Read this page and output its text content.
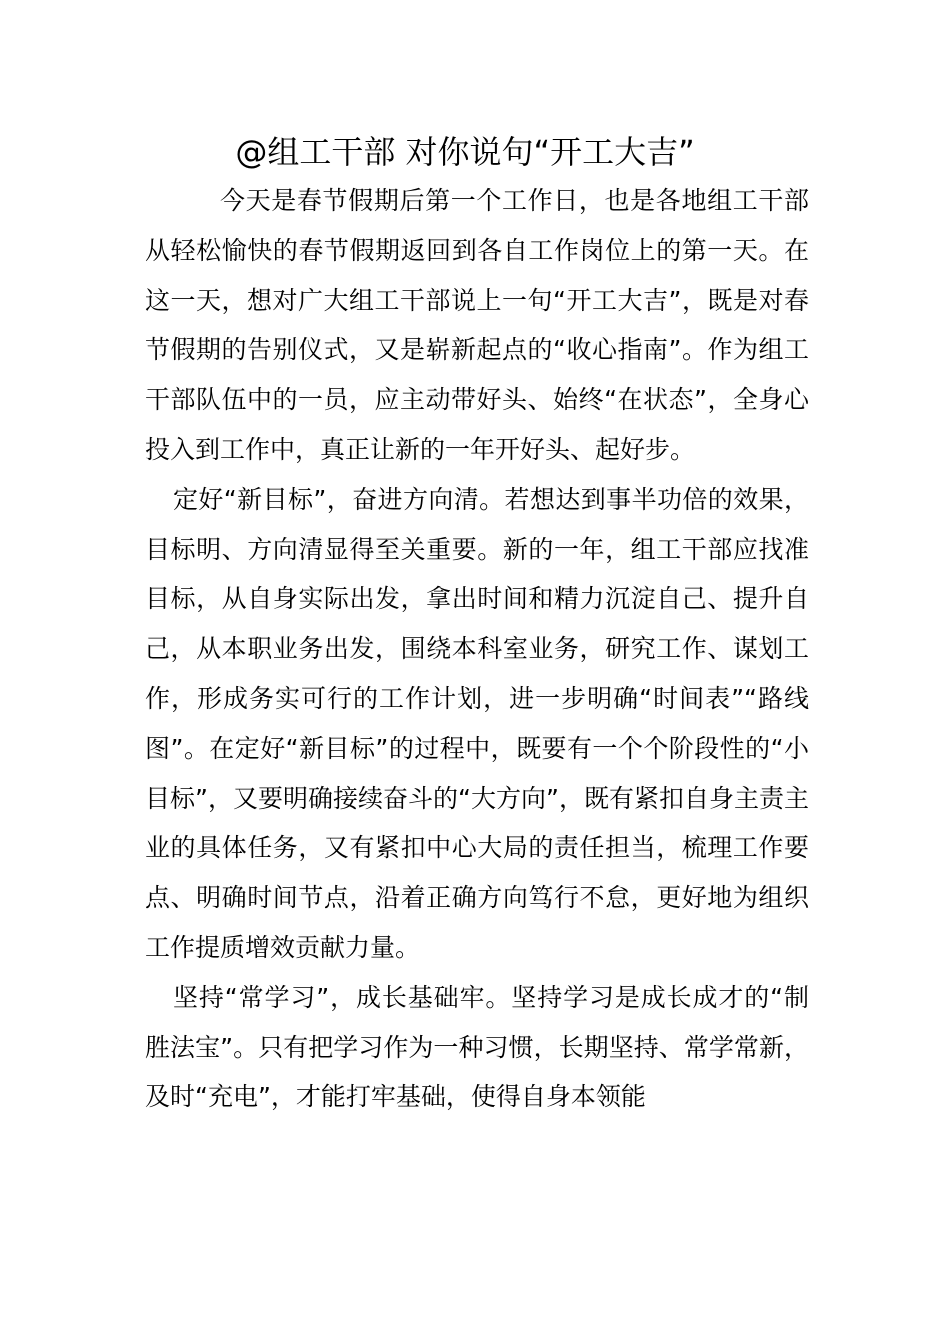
@组工干部 对你说句“开工大吉”

今天是春节假期后第一个工作日，也是各地组工干部从轻松愉快的春节假期返回到各自工作岗位上的第一天。在这一天，想对广大组工干部说上一句“开工大吉”，既是对春节假期的告别仪式，又是崭新起点的“收心指南”。作为组工干部队伍中的一员，应主动带好头、始终“在状态”，全身心投入到工作中，真正让新的一年开好头、起好步。

定好“新目标”，奋进方向清。若想达到事半功倍的效果，目标明、方向清显得至关重要。新的一年，组工干部应找准目标，从自身实际出发，拿出时间和精力沉淀自己、提升自己，从本职业务出发，围绕本科室业务，研究工作、谋划工作，形成务实可行的工作计划，进一步明确“时间表”“路线图”。在定好“新目标”的过程中，既要有一个个阶段性的“小目标”，又要明确接续奋斗的“大方向”，既有紧扣自身主责主业的具体任务，又有紧扣中心大局的责任担当，梳理工作要点、明确时间节点，沿着正确方向笃行不怠，更好地为组织工作提质增效贡献力量。

坚持“常学习”，成长基础牢。坚持学习是成长成才的“制胜法宝”。只有把学习作为一种习惯，长期坚持、常学常新，及时“充电”，才能打牢基础，使得自身本领能
